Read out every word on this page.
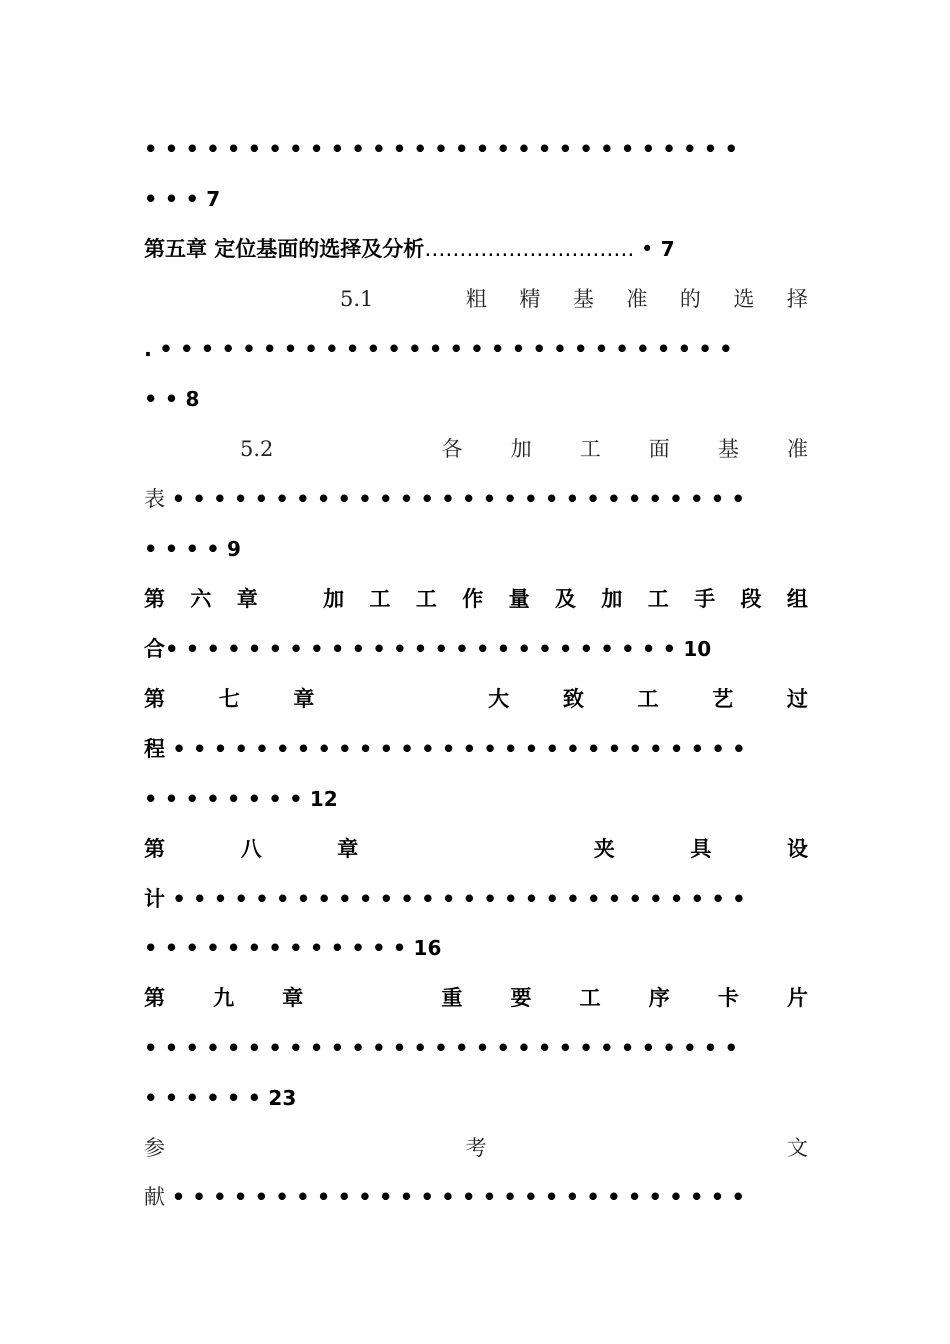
• • • • • • • • • • • • • • • • • • • • • • • • • • • • •
• • • 7
第五章 定位基面的选择及分析………………………… • 7
5.1	粗 精 基 准 的 选 择
. • • • • • • • • • • • • • • • • • • • • • • • • • • • •
• • 8
5.2	各 加 工 面 基 准
表 • • • • • • • • • • • • • • • • • • • • • • • • • • • •
• • • • 9
第 六 章	加 工 工 作 量 及 加 工 手 段 组
合• • • • • • • • • • • • • • • • • • • • • • • • • 10
第	七	章	大	致	工	艺	过
程 • • • • • • • • • • • • • • • • • • • • • • • • • • • •
• • • • • • • • 12
第	八	章	夹	具	设
计 • • • • • • • • • • • • • • • • • • • • • • • • • • • •
• • • • • • • • • • • • • 16
第 九 章	重 要 工 序 卡 片
• • • • • • • • • • • • • • • • • • • • • • • • • • • • •
• • • • • • 23
参	考	文
献 • • • • • • • • • • • • • • • • • • • • • • • • • • • •
